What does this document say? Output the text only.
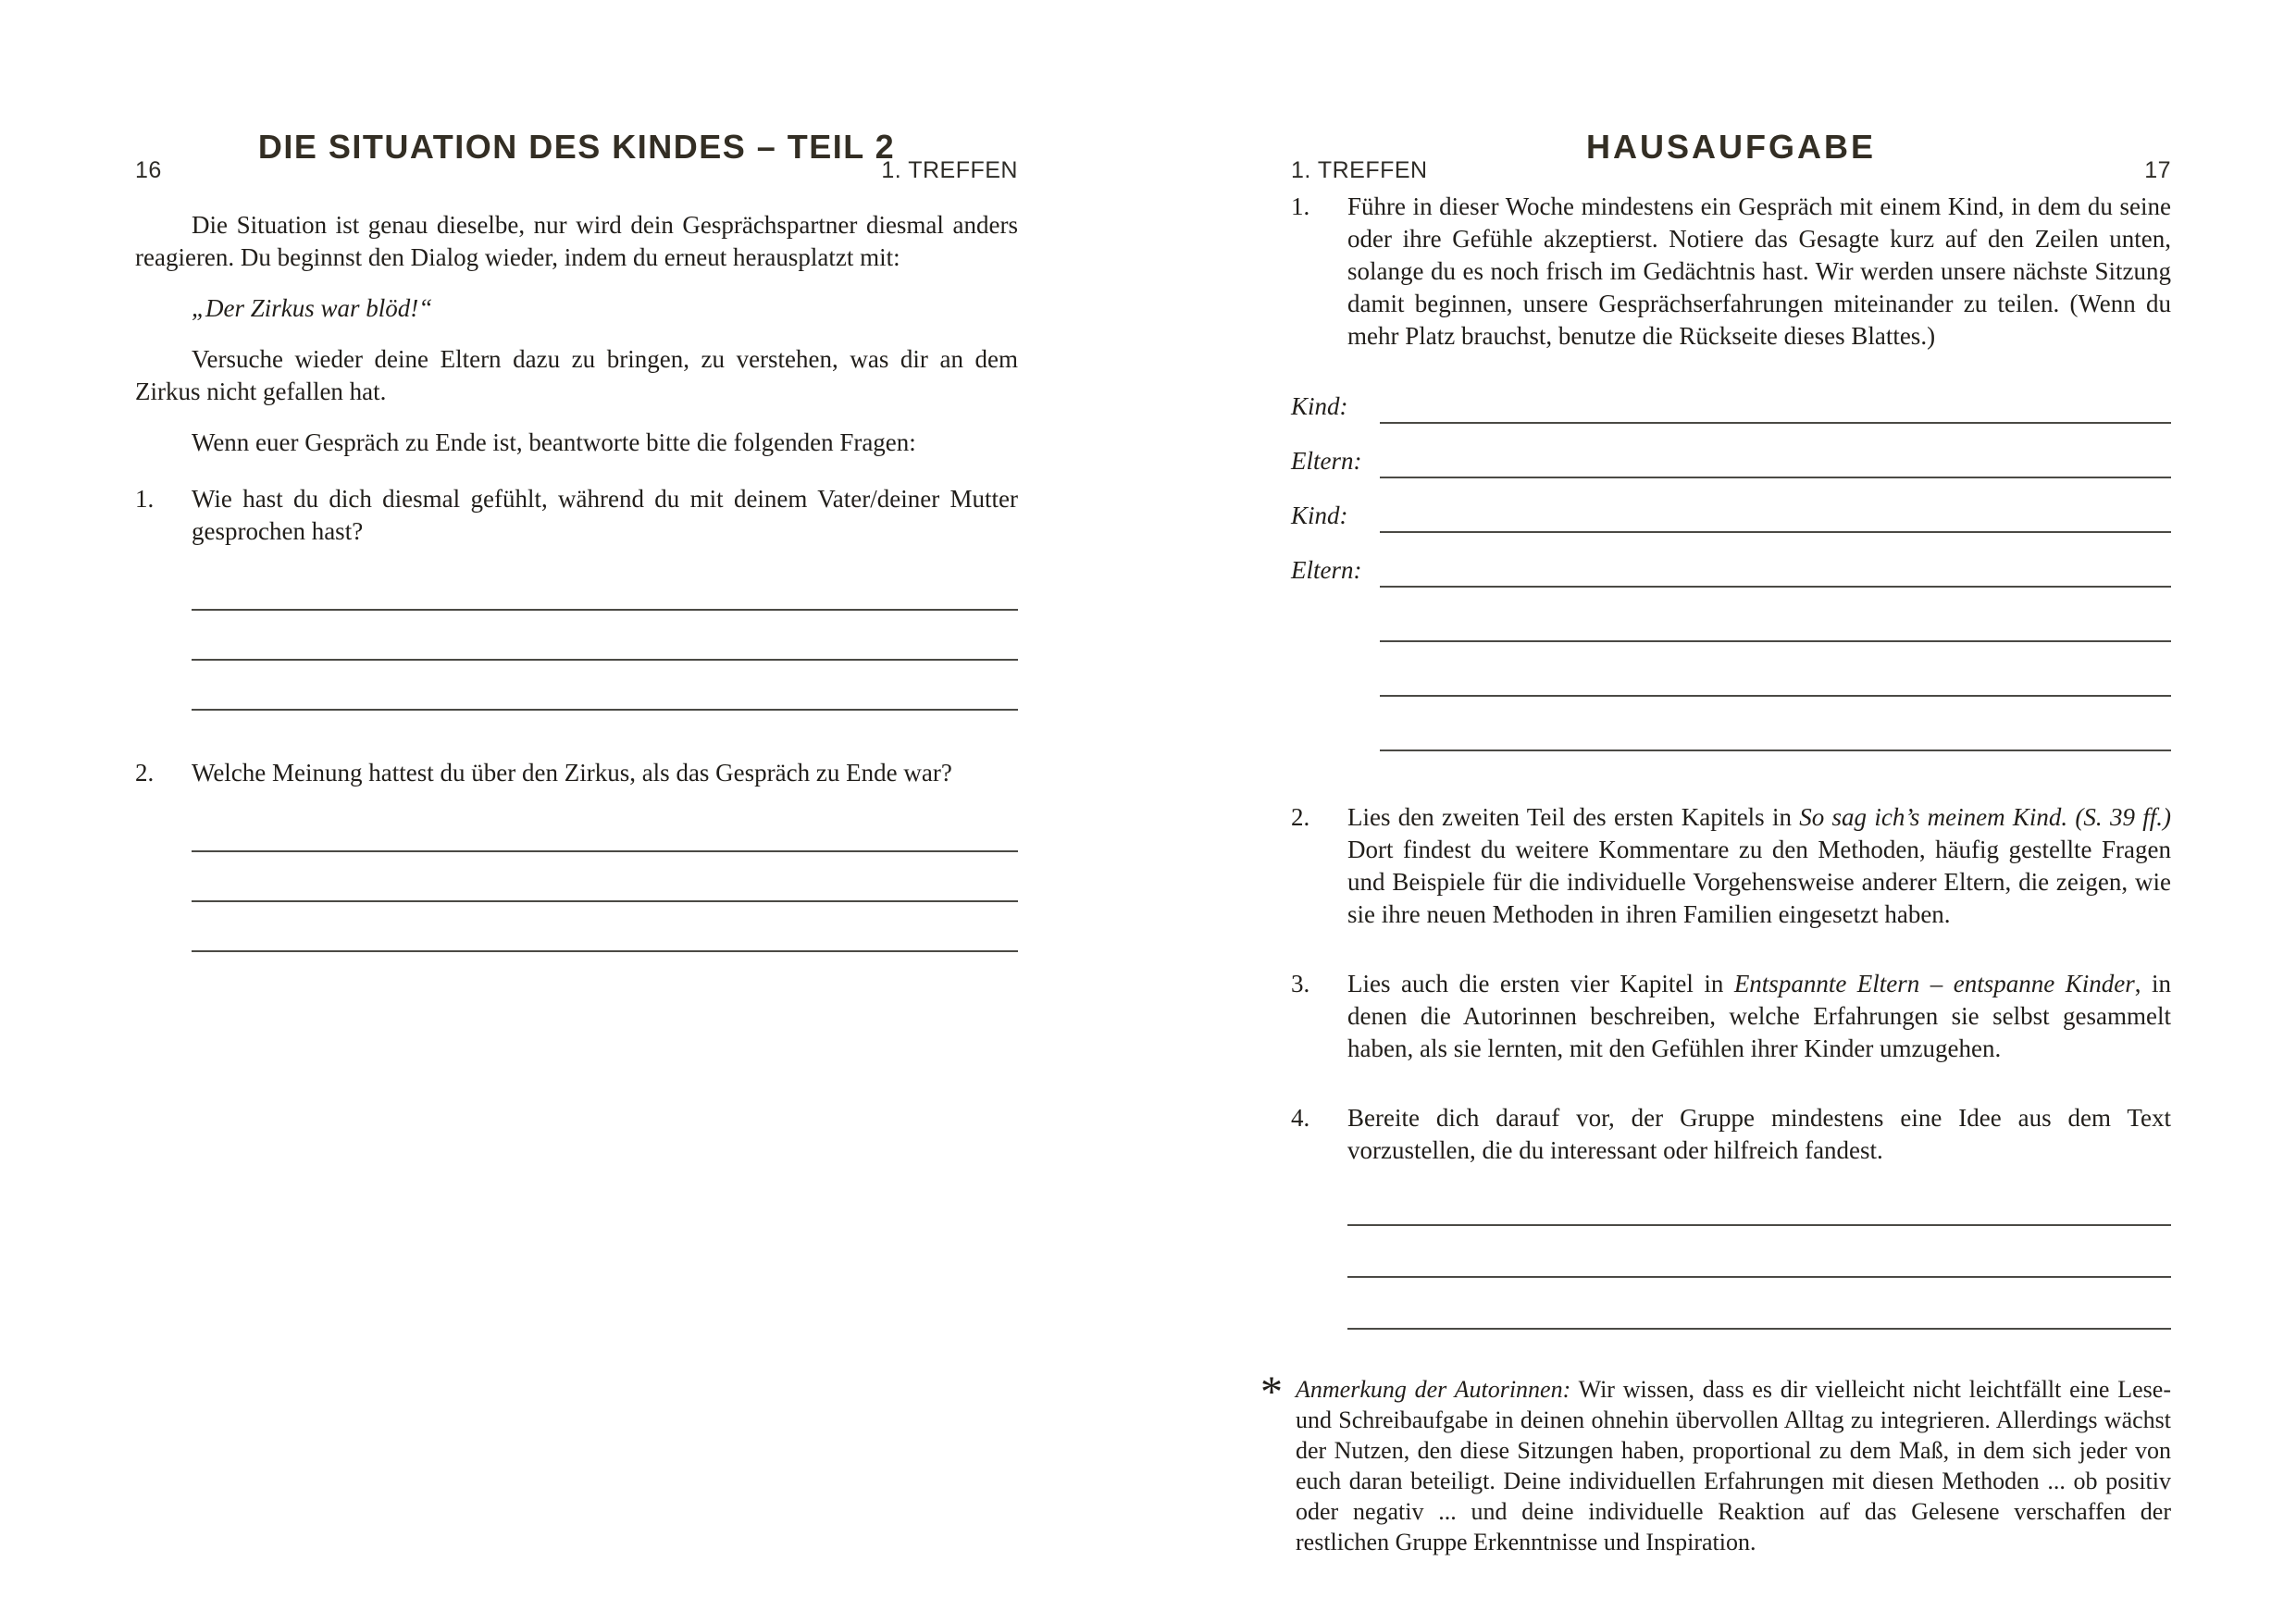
16	1. TREFFEN
DIE SITUATION DES KINDES – TEIL 2

Die Situation ist genau dieselbe, nur wird dein Gesprächspartner diesmal anders reagieren. Du beginnst den Dialog wieder, indem du erneut herausplatzt mit:

„Der Zirkus war blöd!“

Versuche wieder deine Eltern dazu zu bringen, zu verstehen, was dir an dem Zirkus nicht gefallen hat.

Wenn euer Gespräch zu Ende ist, beantworte bitte die folgenden Fragen:

1.	Wie hast du dich diesmal gefühlt, während du mit deinem Vater/deiner Mutter gesprochen hast?
2.	Welche Meinung hattest du über den Zirkus, als das Gespräch zu Ende war?
1. TREFFEN	17
HAUSAUFGABE
1.	Führe in dieser Woche mindestens ein Gespräch mit einem Kind, in dem du seine oder ihre Gefühle akzeptierst. Notiere das Gesagte kurz auf den Zeilen unten, solange du es noch frisch im Gedächtnis hast. Wir werden unsere nächste Sitzung damit beginnen, unsere Gesprächserfahrungen miteinander zu teilen. (Wenn du mehr Platz brauchst, benutze die Rückseite dieses Blattes.)
Kind:
Eltern:
Kind:
Eltern:
2.	Lies den zweiten Teil des ersten Kapitels in So sag ich’s meinem Kind. (S. 39 ff.) Dort findest du weitere Kommentare zu den Methoden, häufig gestellte Fragen und Beispiele für die individuelle Vorgehensweise anderer Eltern, die zeigen, wie sie ihre neuen Methoden in ihren Familien eingesetzt haben.
3.	Lies auch die ersten vier Kapitel in Entspannte Eltern – entspanne Kinder, in denen die Autorinnen beschreiben, welche Erfahrungen sie selbst gesammelt haben, als sie lernten, mit den Gefühlen ihrer Kinder umzugehen.
4.	Bereite dich darauf vor, der Gruppe mindestens eine Idee aus dem Text vorzustellen, die du interessant oder hilfreich fandest.
* Anmerkung der Autorinnen: Wir wissen, dass es dir vielleicht nicht leichtfällt eine Lese- und Schreibaufgabe in deinen ohnehin übervollen Alltag zu integrieren. Allerdings wächst der Nutzen, den diese Sitzungen haben, proportional zu dem Maß, in dem sich jeder von euch daran beteiligt. Deine individuellen Erfahrungen mit diesen Methoden ... ob positiv oder negativ ... und deine individuelle Reaktion auf das Gelesene verschaffen der restlichen Gruppe Erkenntnisse und Inspiration.
